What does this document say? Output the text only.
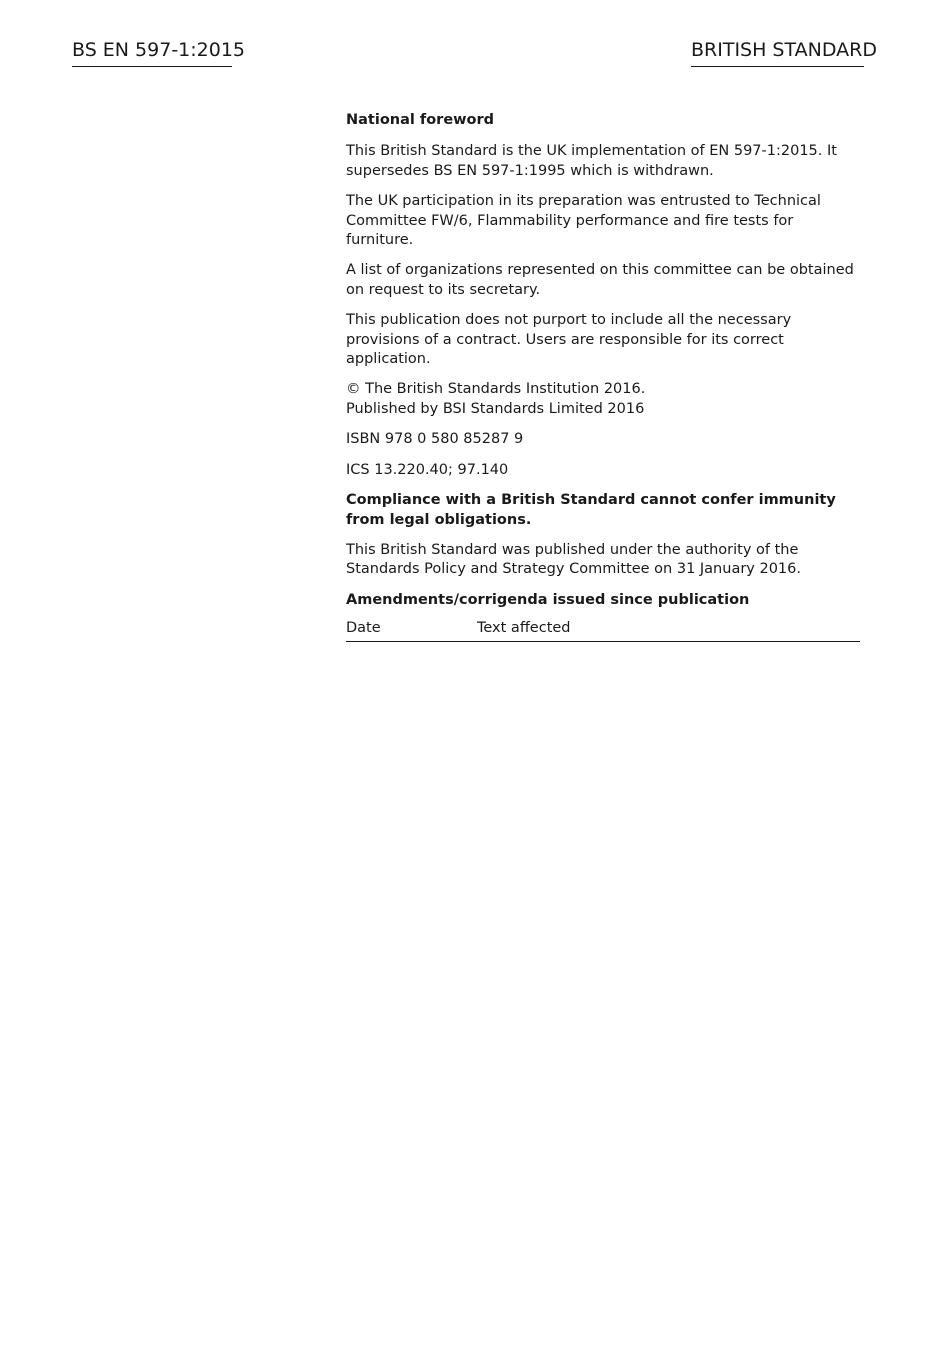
BS EN 597-1:2015	BRITISH STANDARD

National foreword

This British Standard is the UK implementation of EN 597-1:2015. It supersedes BS EN 597-1:1995 which is withdrawn.

The UK participation in its preparation was entrusted to Technical Committee FW/6, Flammability performance and fire tests for furniture.

A list of organizations represented on this committee can be obtained on request to its secretary.

This publication does not purport to include all the necessary provisions of a contract. Users are responsible for its correct application.

© The British Standards Institution 2016.
Published by BSI Standards Limited 2016

ISBN 978 0 580 85287 9

ICS 13.220.40; 97.140

Compliance with a British Standard cannot confer immunity from legal obligations.

This British Standard was published under the authority of the Standards Policy and Strategy Committee on 31 January 2016.

Amendments/corrigenda issued since publication

Date	Text affected
